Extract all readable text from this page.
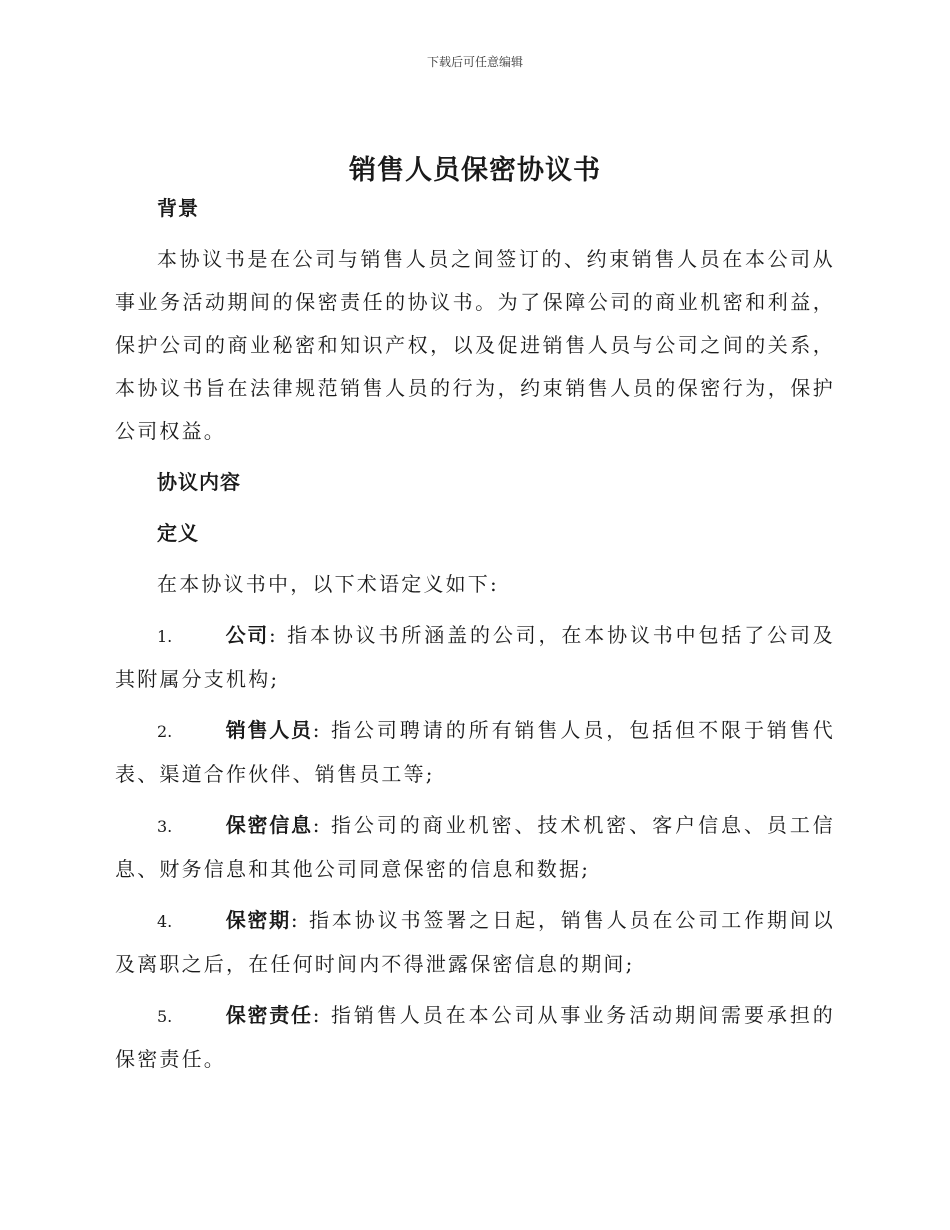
下载后可任意编辑
销售人员保密协议书

背景

本协议书是在公司与销售人员之间签订的、约束销售人员在本公司从事业务活动期间的保密责任的协议书。为了保障公司的商业机密和利益，保护公司的商业秘密和知识产权，以及促进销售人员与公司之间的关系，本协议书旨在法律规范销售人员的行为，约束销售人员的保密行为，保护公司权益。

协议内容

定义

在本协议书中，以下术语定义如下:

1.	公司: 指本协议书所涵盖的公司，在本协议书中包括了公司及其附属分支机构;

2.	销售人员: 指公司聘请的所有销售人员，包括但不限于销售代表、渠道合作伙伴、销售员工等;

3.	保密信息: 指公司的商业机密、技术机密、客户信息、员工信息、财务信息和其他公司同意保密的信息和数据;

4.	保密期: 指本协议书签署之日起，销售人员在公司工作期间以及离职之后，在任何时间内不得泄露保密信息的期间;

5.	保密责任: 指销售人员在本公司从事业务活动期间需要承担的保密责任。
